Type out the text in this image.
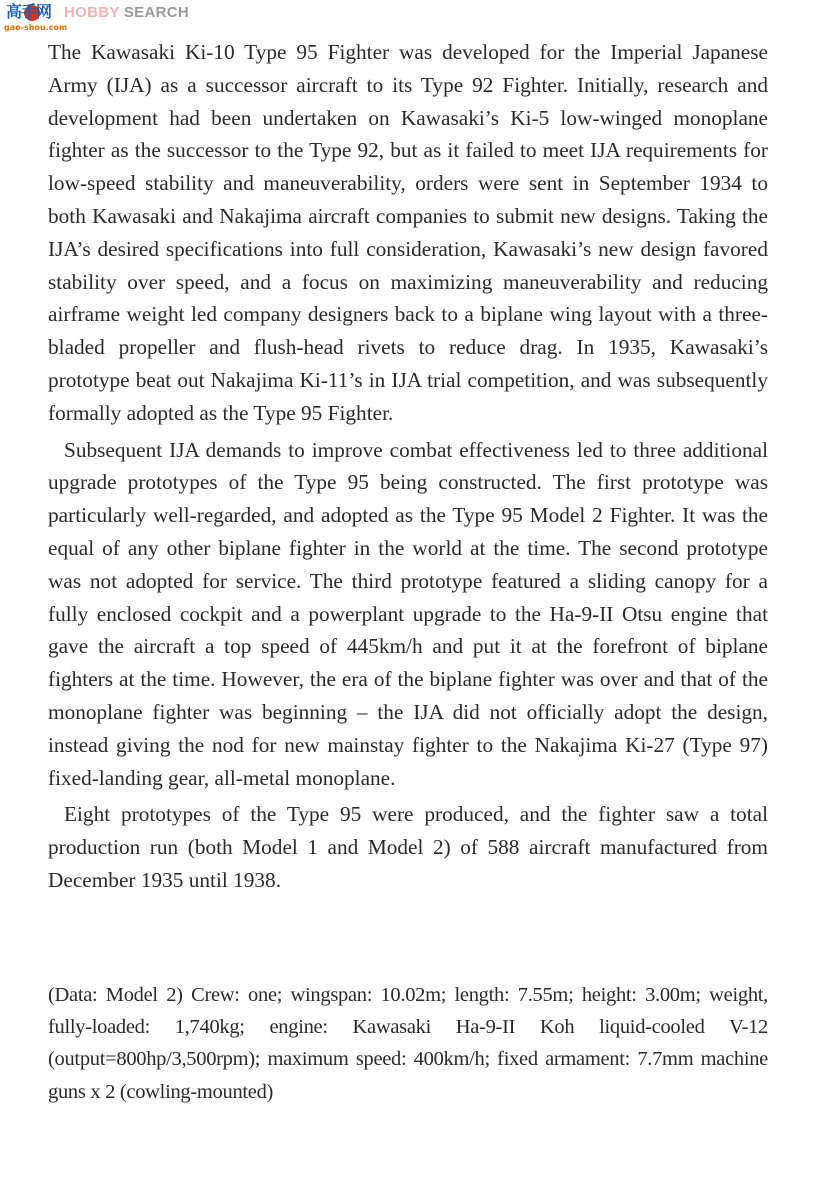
高手网 HOBBY SEARCH
gao-shou.com

The Kawasaki Ki-10 Type 95 Fighter was developed for the Imperial Japanese Army (IJA) as a successor aircraft to its Type 92 Fighter. Initially, research and development had been undertaken on Kawasaki’s Ki-5 low-winged monoplane fighter as the successor to the Type 92, but as it failed to meet IJA requirements for low-speed stability and maneuverability, orders were sent in September 1934 to both Kawasaki and Nakajima aircraft companies to submit new designs. Taking the IJA’s desired specifications into full consideration, Kawasaki’s new design favored stability over speed, and a focus on maximizing maneuverability and reducing airframe weight led company designers back to a biplane wing layout with a three-bladed propeller and flush-head rivets to reduce drag. In 1935, Kawasaki’s prototype beat out Nakajima Ki-11’s in IJA trial competition, and was subsequently formally adopted as the Type 95 Fighter.

Subsequent IJA demands to improve combat effectiveness led to three additional upgrade prototypes of the Type 95 being constructed. The first prototype was particularly well-regarded, and adopted as the Type 95 Model 2 Fighter. It was the equal of any other biplane fighter in the world at the time. The second prototype was not adopted for service. The third prototype featured a sliding canopy for a fully enclosed cockpit and a powerplant upgrade to the Ha-9-II Otsu engine that gave the aircraft a top speed of 445km/h and put it at the forefront of biplane fighters at the time. However, the era of the biplane fighter was over and that of the monoplane fighter was beginning – the IJA did not officially adopt the design, instead giving the nod for new mainstay fighter to the Nakajima Ki-27 (Type 97) fixed-landing gear, all-metal monoplane.

Eight prototypes of the Type 95 were produced, and the fighter saw a total production run (both Model 1 and Model 2) of 588 aircraft manufactured from December 1935 until 1938.

(Data: Model 2) Crew: one; wingspan: 10.02m; length: 7.55m; height: 3.00m; weight, fully-loaded: 1,740kg; engine: Kawasaki Ha-9-II Koh liquid-cooled V-12 (output=800hp/3,500rpm); maximum speed: 400km/h; fixed armament: 7.7mm machine guns x 2 (cowling-mounted)
